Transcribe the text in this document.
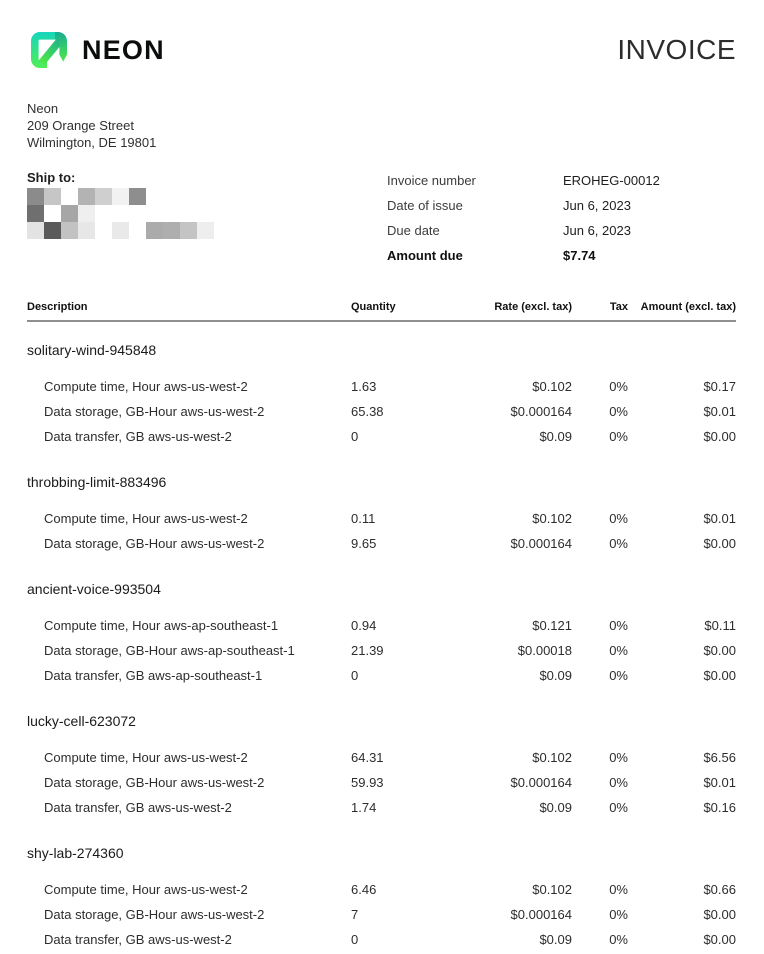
NEON	INVOICE
Neon
209 Orange Street
Wilmington, DE 19801
Ship to:	Invoice number	EROHEG-00012
Date of issue	Jun 6, 2023
Due date	Jun 6, 2023
Amount due	$7.74
Description	Quantity	Rate (excl. tax)	Tax	Amount (excl. tax)
solitary-wind-945848
Compute time, Hour aws-us-west-2	1.63	$0.102	0%	$0.17
Data storage, GB-Hour aws-us-west-2	65.38	$0.000164	0%	$0.01
Data transfer, GB aws-us-west-2	0	$0.09	0%	$0.00
throbbing-limit-883496
Compute time, Hour aws-us-west-2	0.11	$0.102	0%	$0.01
Data storage, GB-Hour aws-us-west-2	9.65	$0.000164	0%	$0.00
ancient-voice-993504
Compute time, Hour aws-ap-southeast-1	0.94	$0.121	0%	$0.11
Data storage, GB-Hour aws-ap-southeast-1	21.39	$0.00018	0%	$0.00
Data transfer, GB aws-ap-southeast-1	0	$0.09	0%	$0.00
lucky-cell-623072
Compute time, Hour aws-us-west-2	64.31	$0.102	0%	$6.56
Data storage, GB-Hour aws-us-west-2	59.93	$0.000164	0%	$0.01
Data transfer, GB aws-us-west-2	1.74	$0.09	0%	$0.16
shy-lab-274360
Compute time, Hour aws-us-west-2	6.46	$0.102	0%	$0.66
Data storage, GB-Hour aws-us-west-2	7	$0.000164	0%	$0.00
Data transfer, GB aws-us-west-2	0	$0.09	0%	$0.00
